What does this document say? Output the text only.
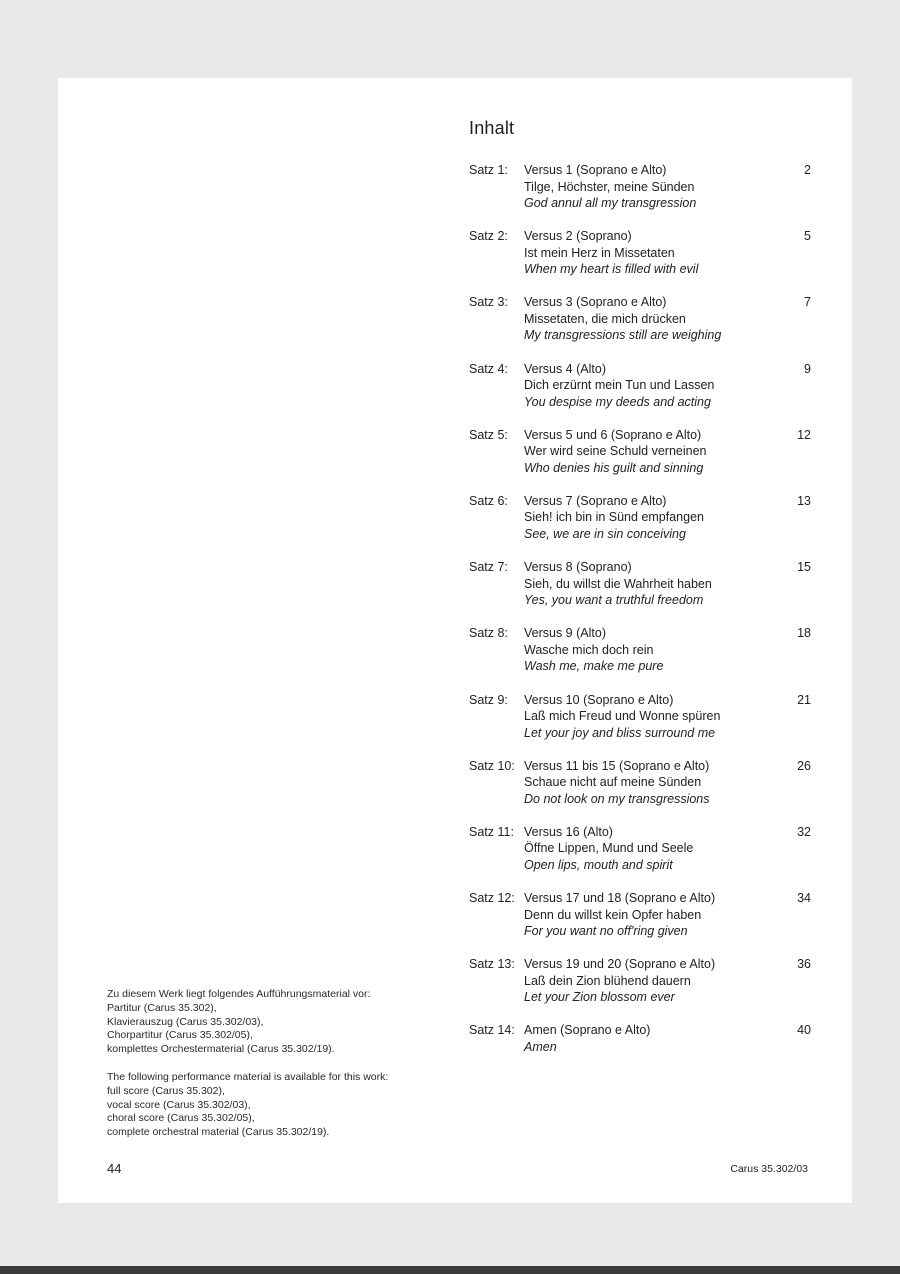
Inhalt
Satz 1:	Versus 1 (Soprano e Alto)
Tilge, Höchster, meine Sünden
God annul all my transgression
2
Satz 2:	Versus 2 (Soprano)
Ist mein Herz in Missetaten
When my heart is filled with evil
5
Satz 3:	Versus 3 (Soprano e Alto)
Missetaten, die mich drücken
My transgressions still are weighing
7
Satz 4:	Versus 4 (Alto)
Dich erzürnt mein Tun und Lassen
You despise my deeds and acting
9
Satz 5:	Versus 5 und 6 (Soprano e Alto)
Wer wird seine Schuld verneinen
Who denies his guilt and sinning
12
Satz 6:	Versus 7 (Soprano e Alto)
Sieh! ich bin in Sünd empfangen
See, we are in sin conceiving
13
Satz 7:	Versus 8 (Soprano)
Sieh, du willst die Wahrheit haben
Yes, you want a truthful freedom
15
Satz 8:	Versus 9 (Alto)
Wasche mich doch rein
Wash me, make me pure
18
Satz 9:	Versus 10 (Soprano e Alto)
Laß mich Freud und Wonne spüren
Let your joy and bliss surround me
21
Satz 10: Versus 11 bis 15 (Soprano e Alto)
Schaue nicht auf meine Sünden
Do not look on my transgressions
26
Satz 11: Versus 16 (Alto)
Öffne Lippen, Mund und Seele
Open lips, mouth and spirit
32
Satz 12: Versus 17 und 18 (Soprano e Alto)
Denn du willst kein Opfer haben
For you want no off'ring given
34
Satz 13: Versus 19 und 20 (Soprano e Alto)
Laß dein Zion blühend dauern
Let your Zion blossom ever
36
Satz 14: Amen (Soprano e Alto)
Amen
40
Zu diesem Werk liegt folgendes Aufführungsmaterial vor:
Partitur (Carus 35.302),
Klavierauszug (Carus 35.302/03),
Chorpartitur (Carus 35.302/05),
komplettes Orchestermaterial (Carus 35.302/19).
The following performance material is available for this work:
full score (Carus 35.302),
vocal score (Carus 35.302/03),
choral score (Carus 35.302/05),
complete orchestral material (Carus 35.302/19).
44	Carus 35.302/03
